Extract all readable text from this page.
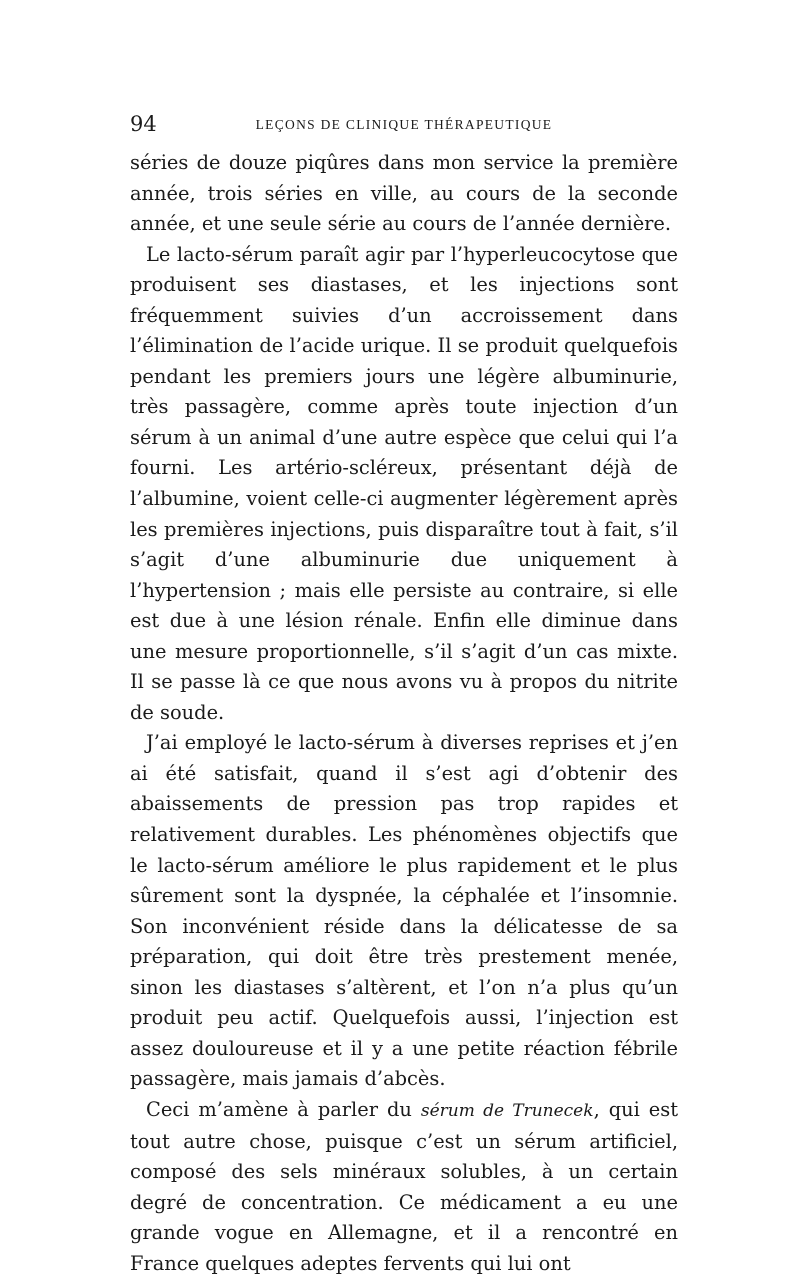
94	LEÇONS DE CLINIQUE THÉRAPEUTIQUE

séries de douze piqûres dans mon service la première année, trois séries en ville, au cours de la seconde année, et une seule série au cours de l’année dernière.

Le lacto-sérum paraît agir par l’hyperleucocytose que produisent ses diastases, et les injections sont fréquemment suivies d’un accroissement dans l’élimination de l’acide urique. Il se produit quelquefois pendant les premiers jours une légère albuminurie, très passagère, comme après toute injection d’un sérum à un animal d’une autre espèce que celui qui l’a fourni. Les artério-scléreux, présentant déjà de l’albumine, voient celle-ci augmenter légèrement après les premières injections, puis disparaître tout à fait, s’il s’agit d’une albuminurie due uniquement à l’hypertension ; mais elle persiste au contraire, si elle est due à une lésion rénale. Enfin elle diminue dans une mesure proportionnelle, s’il s’agit d’un cas mixte. Il se passe là ce que nous avons vu à propos du nitrite de soude.

J’ai employé le lacto-sérum à diverses reprises et j’en ai été satisfait, quand il s’est agi d’obtenir des abaissements de pression pas trop rapides et relativement durables. Les phénomènes objectifs que le lacto-sérum améliore le plus rapidement et le plus sûrement sont la dyspnée, la céphalée et l’insomnie. Son inconvénient réside dans la délicatesse de sa préparation, qui doit être très prestement menée, sinon les diastases s’altèrent, et l’on n’a plus qu’un produit peu actif. Quelquefois aussi, l’injection est assez douloureuse et il y a une petite réaction fébrile passagère, mais jamais d’abcès.

Ceci m’amène à parler du sérum de Trunecek, qui est tout autre chose, puisque c’est un sérum artificiel, composé des sels minéraux solubles, à un certain degré de concentration. Ce médicament a eu une grande vogue en Allemagne, et il a rencontré en France quelques adeptes fervents qui lui ont
